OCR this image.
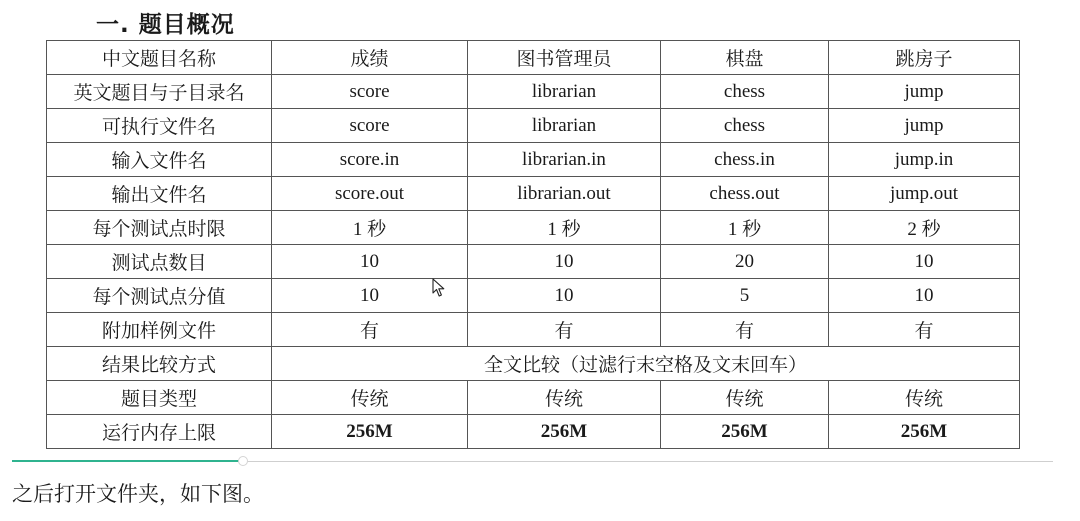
一. 题目概况
中文题目名称	成绩	图书管理员	棋盘	跳房子
英文题目与子目录名	score	librarian	chess	jump
可执行文件名	score	librarian	chess	jump
输入文件名	score.in	librarian.in	chess.in	jump.in
输出文件名	score.out	librarian.out	chess.out	jump.out
每个测试点时限	1 秒	1 秒	1 秒	2 秒
测试点数目	10	10	20	10
每个测试点分值	10	10	5	10
附加样例文件	有	有	有	有
结果比较方式	全文比较（过滤行末空格及文末回车）			
题目类型	传统	传统	传统	传统
运行内存上限	256M	256M	256M	256M
之后打开文件夹，如下图。
